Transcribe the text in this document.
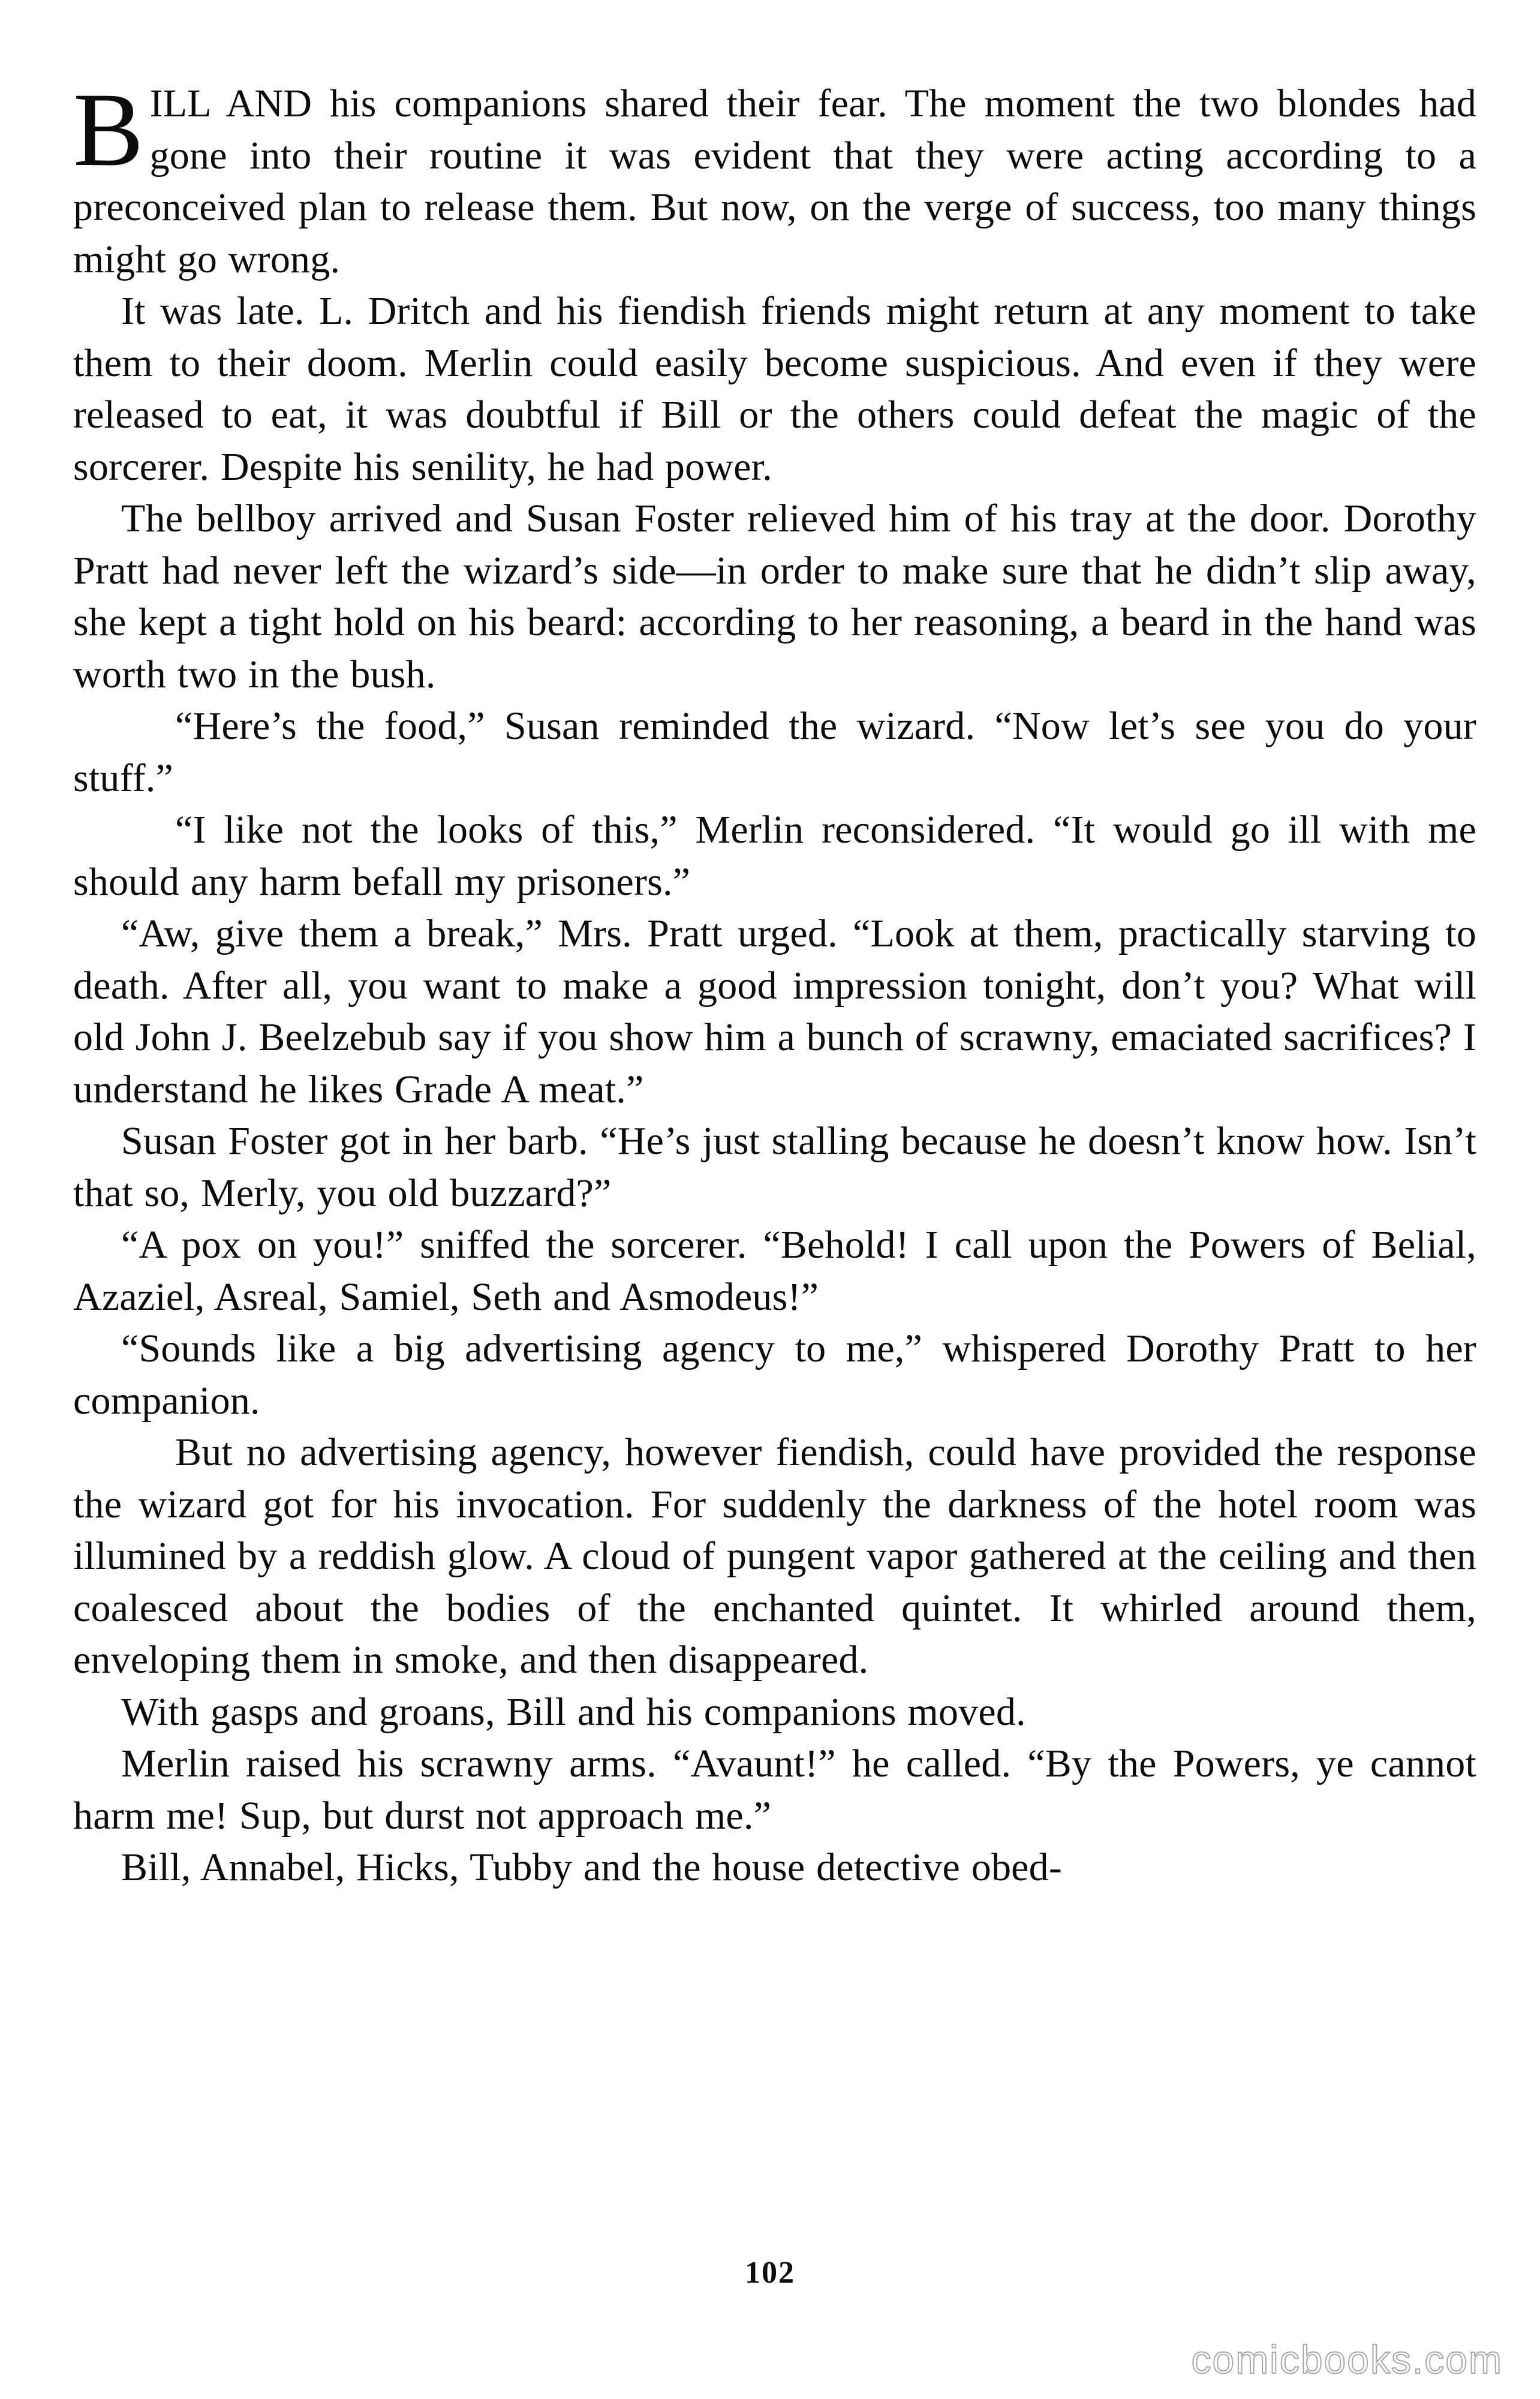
BILL AND his companions shared their fear. The moment the two blondes had gone into their routine it was evident that they were acting according to a preconceived plan to release them. But now, on the verge of success, too many things might go wrong.

It was late. L. Dritch and his fiendish friends might return at any moment to take them to their doom. Merlin could easily become suspicious. And even if they were released to eat, it was doubtful if Bill or the others could defeat the magic of the sorcerer. Despite his senility, he had power.

The bellboy arrived and Susan Foster relieved him of his tray at the door. Dorothy Pratt had never left the wizard’s side—in order to make sure that he didn’t slip away, she kept a tight hold on his beard: according to her reasoning, a beard in the hand was worth two in the bush.

“Here’s the food,” Susan reminded the wizard. “Now let’s see you do your stuff.”

“I like not the looks of this,” Merlin reconsidered. “It would go ill with me should any harm befall my prisoners.”

“Aw, give them a break,” Mrs. Pratt urged. “Look at them, practically starving to death. After all, you want to make a good impression tonight, don’t you? What will old John J. Beelzebub say if you show him a bunch of scrawny, emaciated sacrifices? I understand he likes Grade A meat.”

Susan Foster got in her barb. “He’s just stalling because he doesn’t know how. Isn’t that so, Merly, you old buzzard?”

“A pox on you!” sniffed the sorcerer. “Behold! I call upon the Powers of Belial, Azaziel, Asreal, Samiel, Seth and Asmodeus!”

“Sounds like a big advertising agency to me,” whispered Dorothy Pratt to her companion.

But no advertising agency, however fiendish, could have provided the response the wizard got for his invocation. For suddenly the darkness of the hotel room was illumined by a reddish glow. A cloud of pungent vapor gathered at the ceiling and then coalesced about the bodies of the enchanted quintet. It whirled around them, enveloping them in smoke, and then disappeared.

With gasps and groans, Bill and his companions moved.

Merlin raised his scrawny arms. “Avaunt!” he called. “By the Powers, ye cannot harm me! Sup, but durst not approach me.”

Bill, Annabel, Hicks, Tubby and the house detective obed-

102
comicbooks.com
